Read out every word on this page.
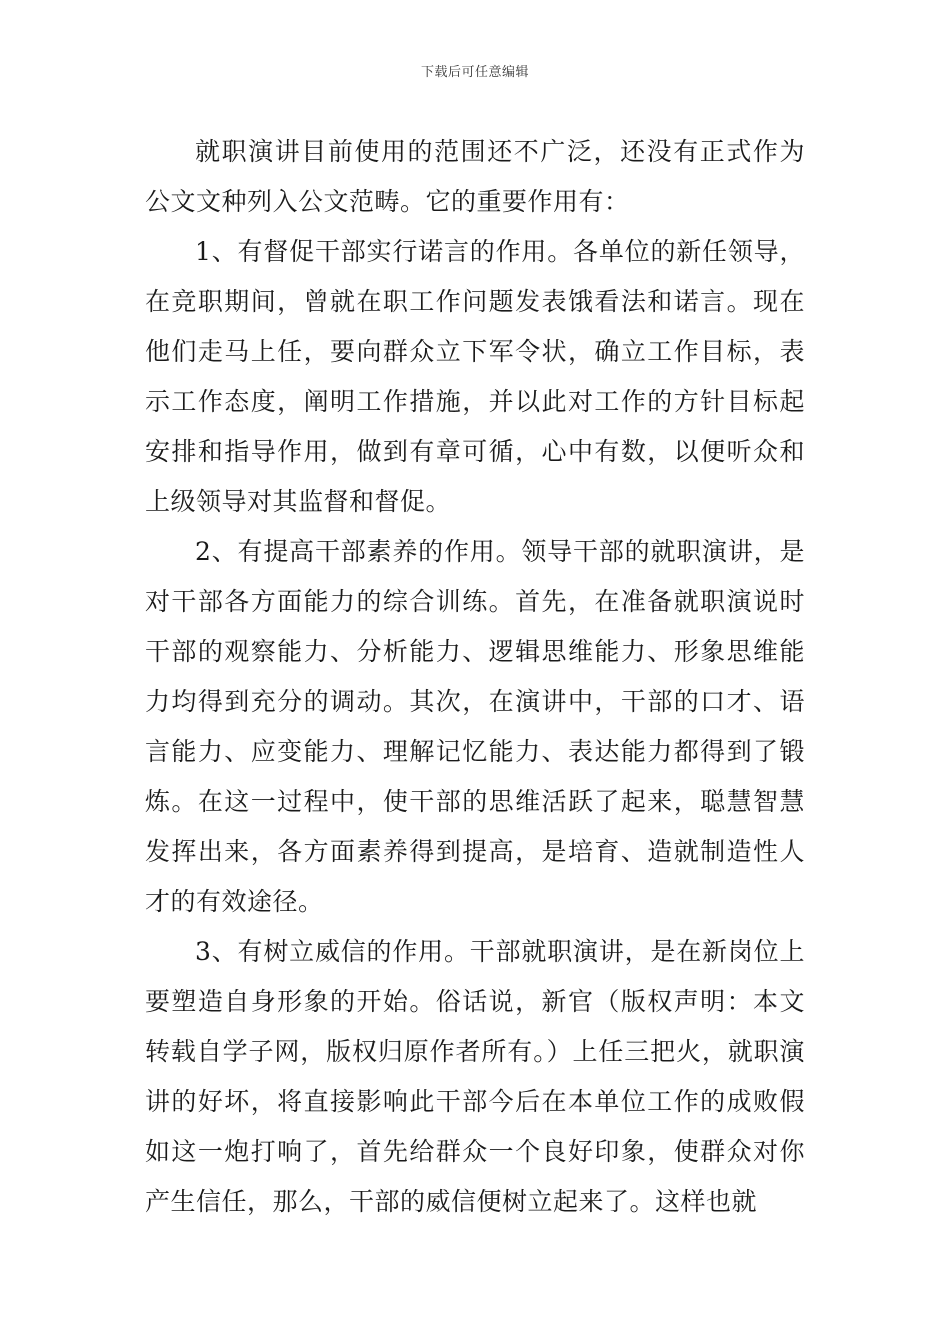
下载后可任意编辑

就职演讲目前使用的范围还不广泛，还没有正式作为公文文种列入公文范畴。它的重要作用有：

1、有督促干部实行诺言的作用。各单位的新任领导，在竞职期间，曾就在职工作问题发表饿看法和诺言。现在他们走马上任，要向群众立下军令状，确立工作目标，表示工作态度，阐明工作措施，并以此对工作的方针目标起安排和指导作用，做到有章可循，心中有数，以便听众和上级领导对其监督和督促。

2、有提高干部素养的作用。领导干部的就职演讲，是对干部各方面能力的综合训练。首先，在准备就职演说时干部的观察能力、分析能力、逻辑思维能力、形象思维能力均得到充分的调动。其次，在演讲中，干部的口才、语言能力、应变能力、理解记忆能力、表达能力都得到了锻炼。在这一过程中，使干部的思维活跃了起来，聪慧智慧发挥出来，各方面素养得到提高，是培育、造就制造性人才的有效途径。

3、有树立威信的作用。干部就职演讲，是在新岗位上要塑造自身形象的开始。俗话说，新官（版权声明：本文转载自学子网，版权归原作者所有。）上任三把火，就职演讲的好坏，将直接影响此干部今后在本单位工作的成败假如这一炮打响了，首先给群众一个良好印象，使群众对你产生信任，那么，干部的威信便树立起来了。这样也就
